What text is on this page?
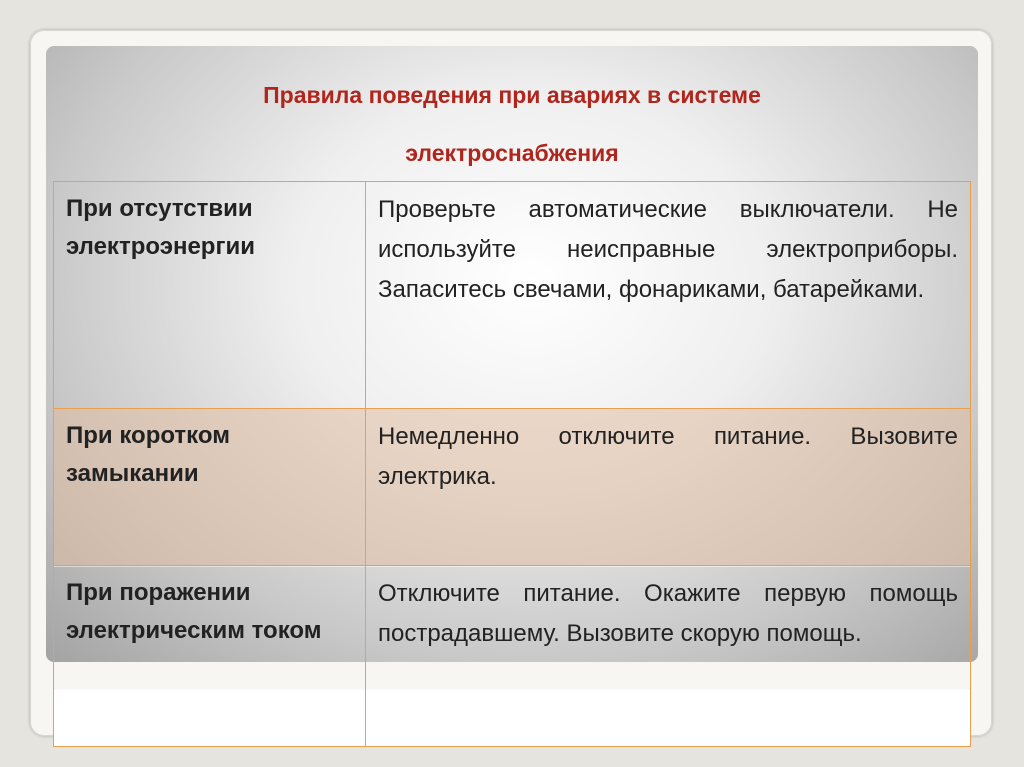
Правила поведения при авариях в системе
электроснабжения
При отсутствии электроэнергии	Проверьте автоматические выключатели. Не используйте неисправные электроприборы. Запаситесь свечами, фонариками, батарейками.
При коротком замыкании	Немедленно отключите питание. Вызовите электрика.
При поражении электрическим током	Отключите питание. Окажите первую помощь пострадавшему. Вызовите скорую помощь.
